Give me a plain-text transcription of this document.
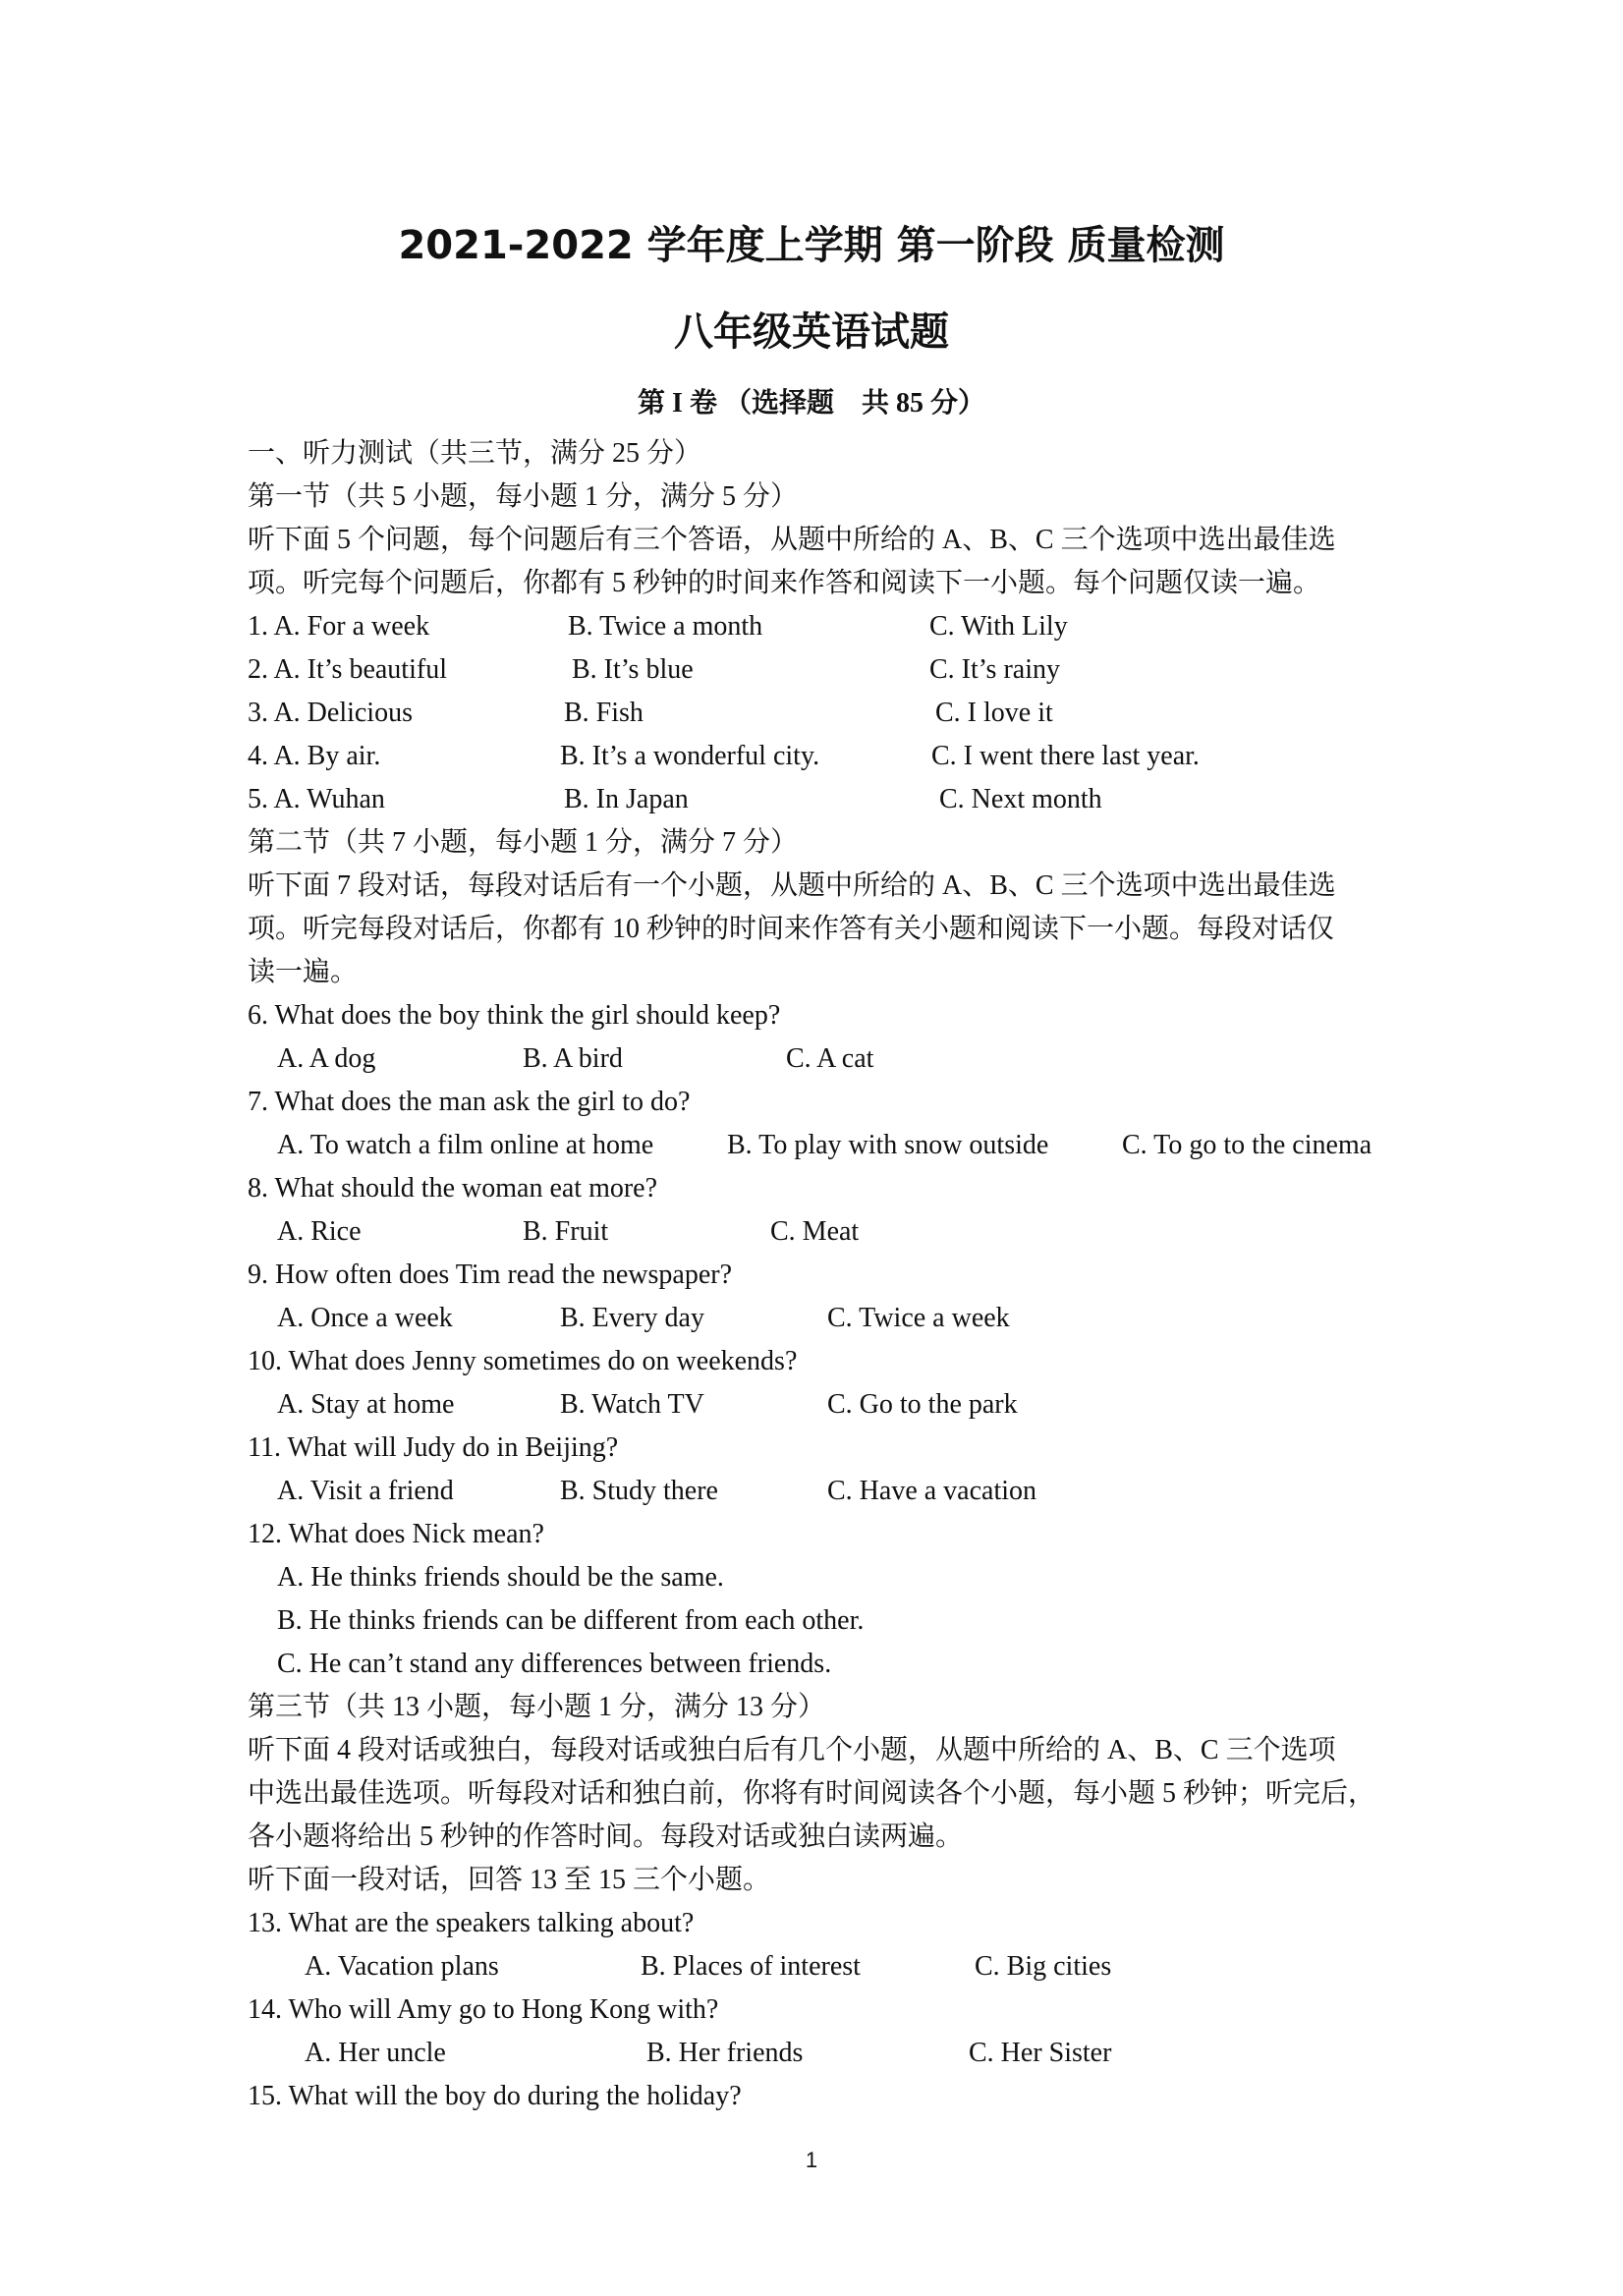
2021-2022 学年度上学期 第一阶段 质量检测
八年级英语试题
第 I 卷 （选择题　共 85 分）
一、听力测试（共三节，满分 25 分）
第一节（共 5 小题，每小题 1 分，满分 5 分）
听下面 5 个问题，每个问题后有三个答语，从题中所给的 A、B、C 三个选项中选出最佳选
项。听完每个问题后，你都有 5 秒钟的时间来作答和阅读下一小题。每个问题仅读一遍。
1. A. For a week	B. Twice a month	C. With Lily
2. A. It’s beautiful	B. It’s blue	C. It’s rainy
3. A. Delicious	B. Fish	C. I love it
4. A. By air.	B. It’s a wonderful city.	C. I went there last year.
5. A. Wuhan	B. In Japan	C. Next month
第二节（共 7 小题，每小题 1 分，满分 7 分）
听下面 7 段对话，每段对话后有一个小题，从题中所给的 A、B、C 三个选项中选出最佳选
项。听完每段对话后，你都有 10 秒钟的时间来作答有关小题和阅读下一小题。每段对话仅
读一遍。
6. What does the boy think the girl should keep?
A. A dog	B. A bird	C. A cat
7. What does the man ask the girl to do?
A. To watch a film online at home	B. To play with snow outside	C. To go to the cinema
8. What should the woman eat more?
A. Rice	B. Fruit	C. Meat
9. How often does Tim read the newspaper?
A. Once a week	B. Every day	C. Twice a week
10. What does Jenny sometimes do on weekends?
A. Stay at home	B. Watch TV	C. Go to the park
11. What will Judy do in Beijing?
A. Visit a friend	B. Study there	C. Have a vacation
12. What does Nick mean?
A. He thinks friends should be the same.
B. He thinks friends can be different from each other.
C. He can’t stand any differences between friends.
第三节（共 13 小题，每小题 1 分，满分 13 分）
听下面 4 段对话或独白，每段对话或独白后有几个小题，从题中所给的 A、B、C 三个选项
中选出最佳选项。听每段对话和独白前，你将有时间阅读各个小题，每小题 5 秒钟；听完后，
各小题将给出 5 秒钟的作答时间。每段对话或独白读两遍。
听下面一段对话，回答 13 至 15 三个小题。
13. What are the speakers talking about?
A. Vacation plans	B. Places of interest	C. Big cities
14. Who will Amy go to Hong Kong with?
A. Her uncle	B. Her friends	C. Her Sister
15. What will the boy do during the holiday?
1
